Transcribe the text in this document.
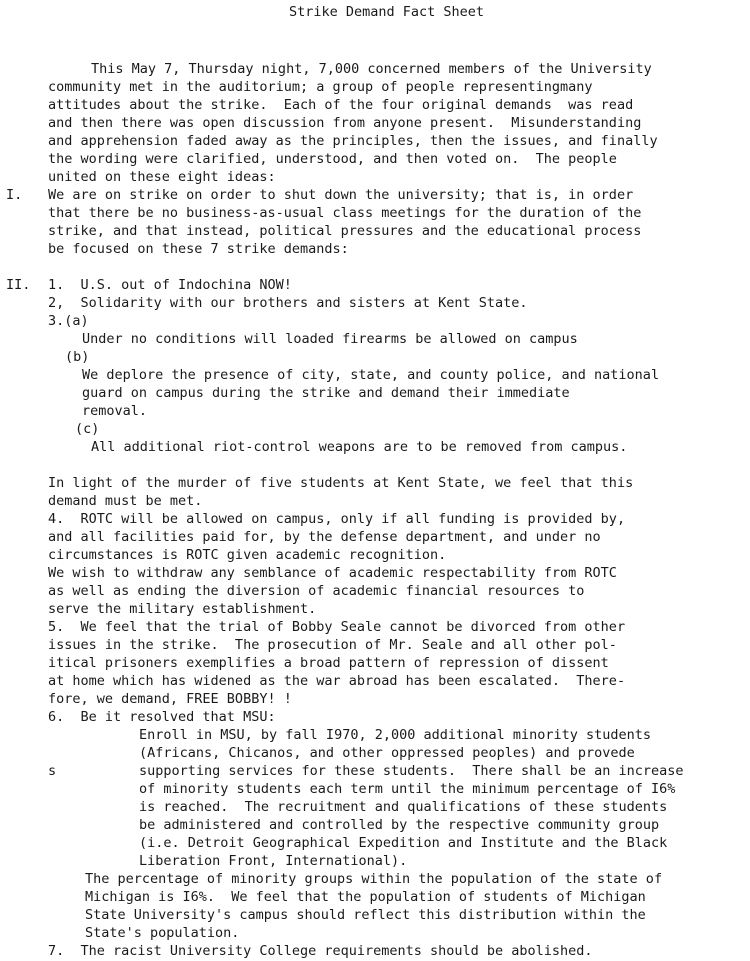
Strike Demand Fact Sheet
This May 7, Thursday night, 7,000 concerned members of the University
community met in the auditorium; a group of people representingmany
attitudes about the strike.  Each of the four original demands  was read
and then there was open discussion from anyone present.  Misunderstanding
and apprehension faded away as the principles, then the issues, and finally
the wording were clarified, understood, and then voted on.  The people
united on these eight ideas:
I. We are on strike on order to shut down the university; that is, in order
that there be no business-as-usual class meetings for the duration of the
strike, and that instead, political pressures and the educational process
be focused on these 7 strike demands:
II. 1.  U.S. out of Indochina NOW!
2,  Solidarity with our brothers and sisters at Kent State.
3.(a)
Under no conditions will loaded firearms be allowed on campus
(b)
We deplore the presence of city, state, and county police, and national
guard on campus during the strike and demand their immediate
removal.
(c)
All additional riot-control weapons are to be removed from campus.
In light of the murder of five students at Kent State, we feel that this
demand must be met.
4.  ROTC will be allowed on campus, only if all funding is provided by,
and all facilities paid for, by the defense department, and under no
circumstances is ROTC given academic recognition.
We wish to withdraw any semblance of academic respectability from ROTC
as well as ending the diversion of academic financial resources to
serve the military establishment.
5.  We feel that the trial of Bobby Seale cannot be divorced from other
issues in the strike.  The prosecution of Mr. Seale and all other pol-
itical prisoners exemplifies a broad pattern of repression of dissent
at home which has widened as the war abroad has been escalated.  There-
fore, we demand, FREE BOBBY! !
6.  Be it resolved that MSU:
Enroll in MSU, by fall I970, 2,000 additional minority students
(Africans, Chicanos, and other oppressed peoples) and provede
s	supporting services for these students.  There shall be an increase
of minority students each term until the minimum percentage of I6%
is reached.  The recruitment and qualifications of these students
be administered and controlled by the respective community group
(i.e. Detroit Geographical Expedition and Institute and the Black
Liberation Front, International).
The percentage of minority groups within the population of the state of
Michigan is I6%.  We feel that the population of students of Michigan
State University's campus should reflect this distribution within the
State's population.
7.  The racist University College requirements should be abolished.
